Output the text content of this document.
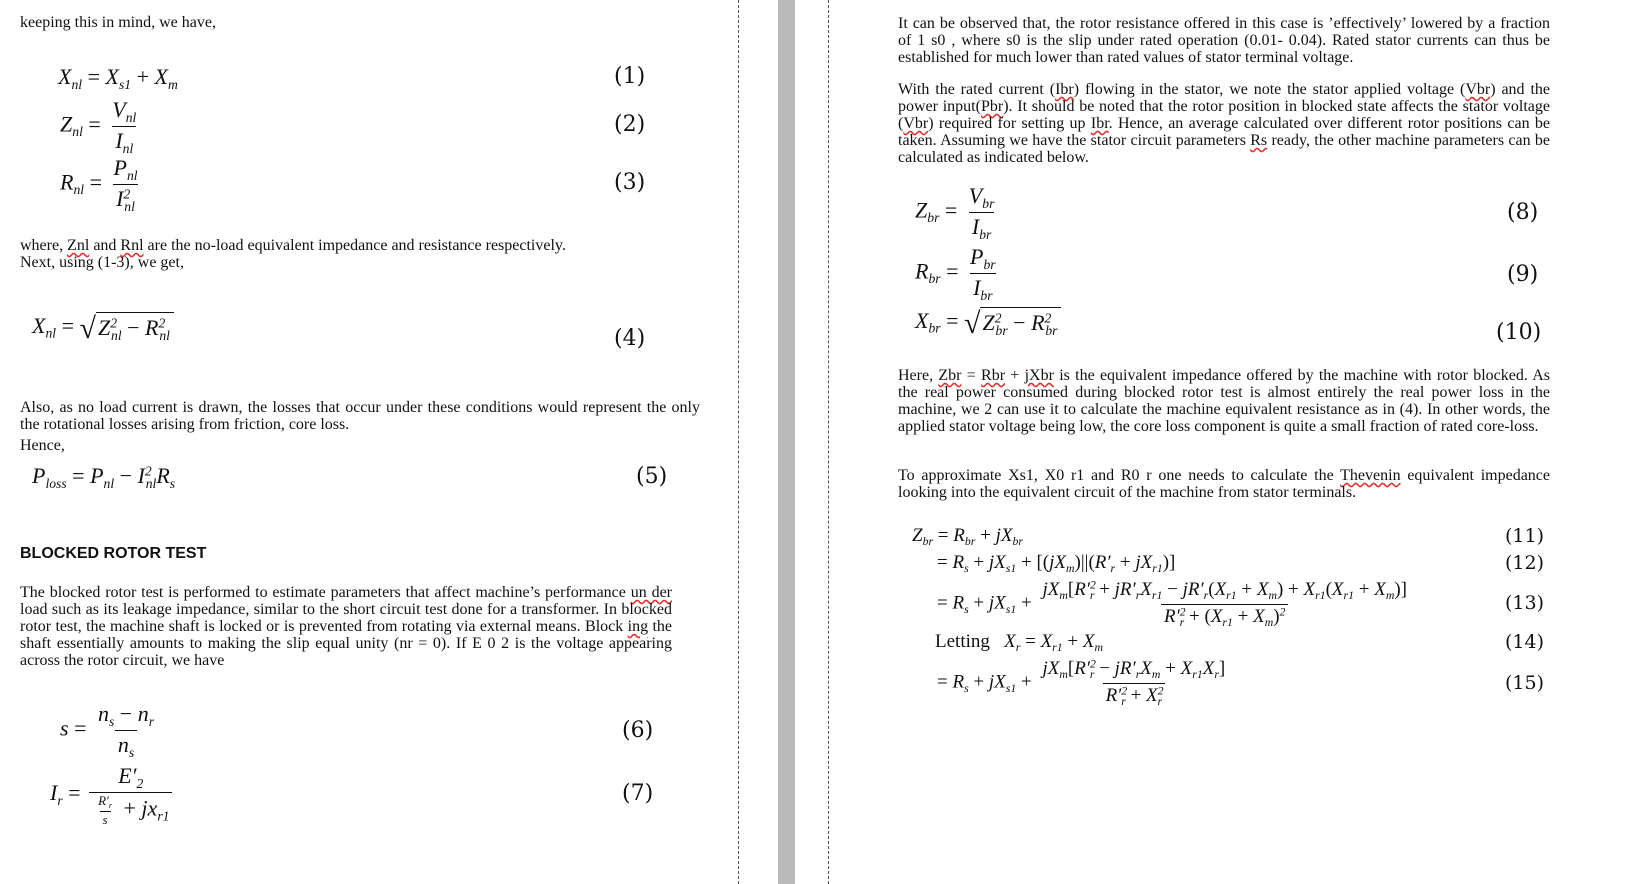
keeping this in mind, we have,
$X_{nl} = X_{s1} + X_m$	(1)
$Z_{nl} = \frac{V_{nl}}{I_{nl}}$	(2)
$R_{nl} = \frac{P_{nl}}{I^2_{nl}}$	(3)
where, Znl and Rnl are the no-load equivalent impedance and resistance respectively.
Next, using (1-3), we get,
$X_{nl}$ = √ $Z^2_{nl} - R^2_{nl}$	(4)
Also, as no load current is drawn, the losses that occur under these conditions would represent the only the rotational losses arising from friction, core loss.
Hence,
$P_{loss} = P_{nl} - I^2_{nl}R_s$	(5)
BLOCKED ROTOR TEST
The blocked rotor test is performed to estimate parameters that affect machine’s performance un der load such as its leakage impedance, similar to the short circuit test done for a transformer. In blocked rotor test, the machine shaft is locked or is prevented from rotating via external means. Block ing the shaft essentially amounts to making the slip equal unity (nr = 0). If E 0 2 is the voltage appearing across the rotor circuit, we have
$s = \frac{n_s - n_r}{n_s}$	(6)
$I_r = \frac{E'_2}{\frac{R'_r}{s} + jx_{r1}}$	(7)
It can be observed that, the rotor resistance offered in this case is ’effectively’ lowered by a fraction of 1 s0 , where s0 is the slip under rated operation (0.01- 0.04). Rated stator currents can thus be established for much lower than rated values of stator terminal voltage.
With the rated current (Ibr) flowing in the stator, we note the stator applied voltage (Vbr) and the power input(Pbr). It should be noted that the rotor position in blocked state affects the stator voltage (Vbr) required for setting up Ibr. Hence, an average calculated over different rotor positions can be taken. Assuming we have the stator circuit parameters Rs ready, the other machine parameters can be calculated as indicated below.
$Z_{br} = \frac{V_{br}}{I_{br}}$	(8)
$R_{br} = \frac{P_{br}}{I_{br}}$	(9)
$X_{br}$ = √ $Z^2_{br} - R^2_{br}$	(10)
Here, Zbr = Rbr + jXbr is the equivalent impedance offered by the machine with rotor blocked. As the real power consumed during blocked rotor test is almost entirely the real power loss in the machine, we 2 can use it to calculate the machine equivalent resistance as in (4). In other words, the applied stator voltage being low, the core loss component is quite a small fraction of rated core-loss.
To approximate Xs1, X0 r1 and R0 r one needs to calculate the Thevenin equivalent impedance looking into the equivalent circuit of the machine from stator terminals.
$Z_{br} = R_{br} + jX_{br}$	(11)
= $R_s + jX_{s1} + [(jX_m)||(R'_r + jX_{r1})]$	(12)
= $R_s + jX_{s1} + \frac{jX_m[R'^2_r + jR'_rX_{r1} - jR'_r(X_{r1} + X_m) + X_{r1}(X_{r1} + X_m)]}{R'^2_r + (X_{r1} + X_m)^2}$	(13)
Letting   $X_r = X_{r1} + X_m$	(14)
= $R_s + jX_{s1} + \frac{jX_m[R'^2_r - jR'_rX_m + X_{r1}X_r]}{R'^2_r + X^2_r}$	(15)
